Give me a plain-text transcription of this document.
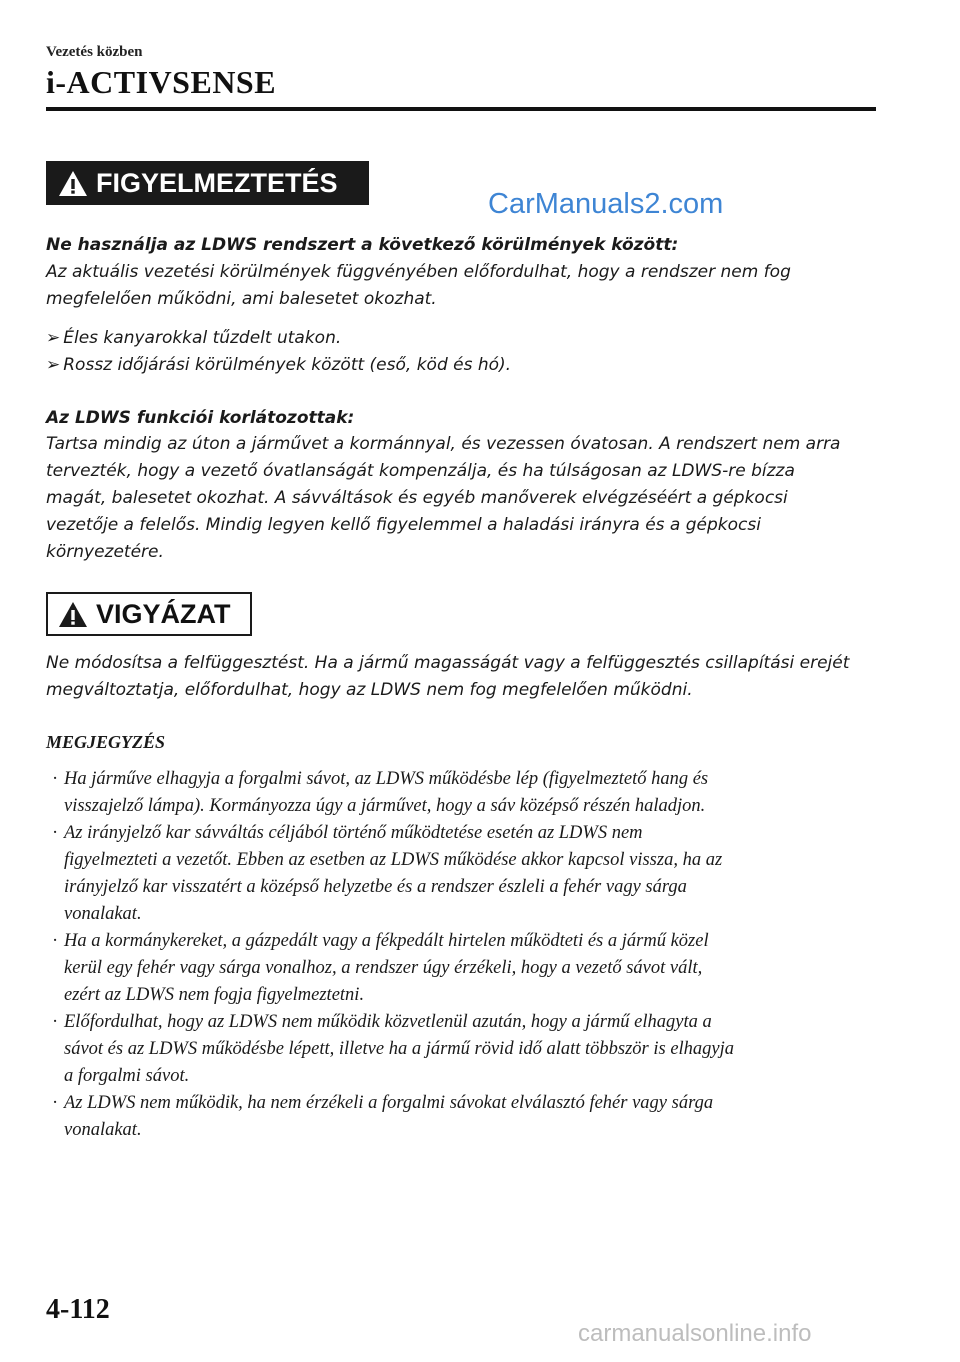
Vezetés közben
i-ACTIVSENSE
FIGYELMEZTETÉS
CarManuals2.com
Ne használja az LDWS rendszert a következő körülmények között:
Az aktuális vezetési körülmények függvényében előfordulhat, hogy a rendszer nem fog
megfelelően működni, ami balesetet okozhat.
➢ Éles kanyarokkal tűzdelt utakon.
➢ Rossz időjárási körülmények között (eső, köd és hó).
Az LDWS funkciói korlátozottak:
Tartsa mindig az úton a járművet a kormánnyal, és vezessen óvatosan. A rendszert nem arra
tervezték, hogy a vezető óvatlanságát kompenzálja, és ha túlságosan az LDWS-re bízza
magát, balesetet okozhat. A sávváltások és egyéb manőverek elvégzéséért a gépkocsi
vezetője a felelős. Mindig legyen kellő figyelemmel a haladási irányra és a gépkocsi
környezetére.
VIGYÁZAT
Ne módosítsa a felfüggesztést. Ha a jármű magasságát vagy a felfüggesztés csillapítási erejét
megváltoztatja, előfordulhat, hogy az LDWS nem fog megfelelően működni.
MEGJEGYZÉS
· Ha járműve elhagyja a forgalmi sávot, az LDWS működésbe lép (figyelmeztető hang és
visszajelző lámpa). Kormányozza úgy a járművet, hogy a sáv középső részén haladjon.
· Az irányjelző kar sávváltás céljából történő működtetése esetén az LDWS nem
figyelmezteti a vezetőt. Ebben az esetben az LDWS működése akkor kapcsol vissza, ha az
irányjelző kar visszatért a középső helyzetbe és a rendszer észleli a fehér vagy sárga
vonalakat.
· Ha a kormánykereket, a gázpedált vagy a fékpedált hirtelen működteti és a jármű közel
kerül egy fehér vagy sárga vonalhoz, a rendszer úgy érzékeli, hogy a vezető sávot vált,
ezért az LDWS nem fogja figyelmeztetni.
· Előfordulhat, hogy az LDWS nem működik közvetlenül azután, hogy a jármű elhagyta a
sávot és az LDWS működésbe lépett, illetve ha a jármű rövid idő alatt többször is elhagyja
a forgalmi sávot.
· Az LDWS nem működik, ha nem érzékeli a forgalmi sávokat elválasztó fehér vagy sárga
vonalakat.
4-112
carmanualsonline.info
